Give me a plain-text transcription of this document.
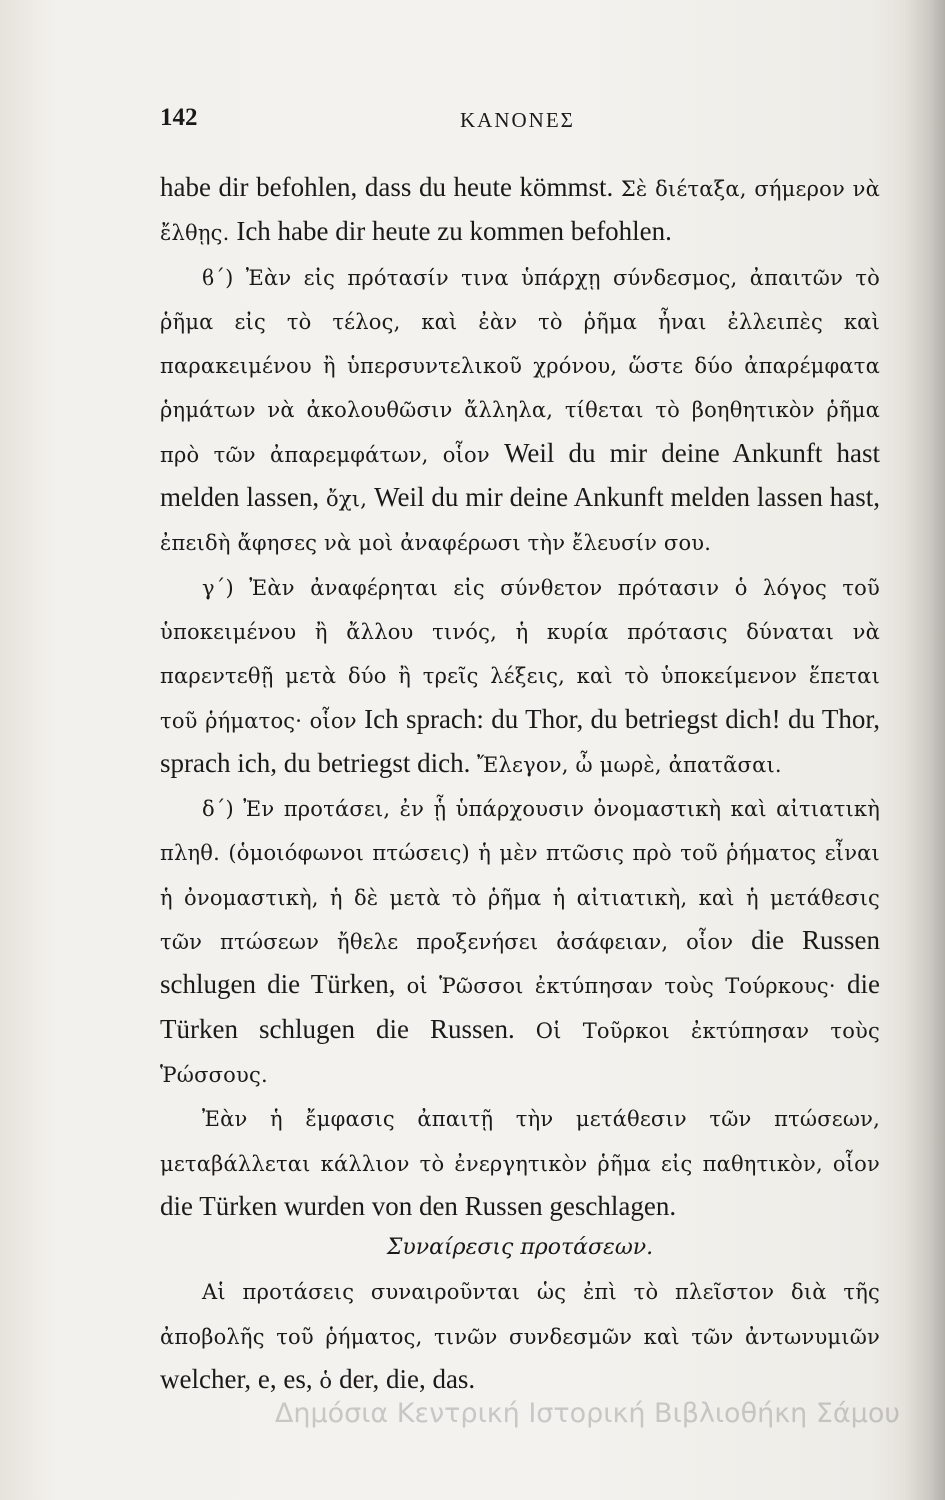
142	ΚΑΝΟΝΕΣ

habe dir befohlen, dass du heute kömmst. Σὲ διέταξα, σήμερον νὰ ἔλθῃς. Ich habe dir heute zu kommen befohlen.

ϐ΄) Ἐὰν εἰς πρότασίν τινα ὑπάρχῃ σύνδεσμος, ἀπαιτῶν τὸ ῥῆμα εἰς τὸ τέλος, καὶ ἐὰν τὸ ῥῆμα ἦναι ἐλλειπὲς καὶ παρακειμένου ἢ ὑπερσυντελικοῦ χρόνου, ὥστε δύο ἀπαρέμφατα ῥημάτων νὰ ἀκολουθῶσιν ἄλληλα, τίθεται τὸ βοηθητικὸν ῥῆμα πρὸ τῶν ἀπαρεμφάτων, οἷον Weil du mir deine Ankunft hast melden lassen, ὄχι, Weil du mir deine Ankunft melden lassen hast, ἐπειδὴ ἄφησες νὰ μοὶ ἀναφέρωσι τὴν ἔλευσίν σου.

γ΄) Ἐὰν ἀναφέρηται εἰς σύνθετον πρότασιν ὁ λόγος τοῦ ὑποκειμένου ἢ ἄλλου τινός, ἡ κυρία πρότασις δύναται νὰ παρεντεθῇ μετὰ δύο ἢ τρεῖς λέξεις, καὶ τὸ ὑποκείμενον ἕπεται τοῦ ῥήματος· οἷον Ich sprach: du Thor, du betriegst dich! du Thor, sprach ich, du betriegst dich. Ἔλεγον, ὦ μωρὲ, ἀπατᾶσαι.

δ΄) Ἐν προτάσει, ἐν ᾗ ὑπάρχουσιν ὀνομαστικὴ καὶ αἰτιατικὴ πληθ. (ὁμοιόφωνοι πτώσεις) ἡ μὲν πτῶσις πρὸ τοῦ ῥήματος εἶναι ἡ ὀνομαστικὴ, ἡ δὲ μετὰ τὸ ῥῆμα ἡ αἰτιατικὴ, καὶ ἡ μετάθεσις τῶν πτώσεων ἤθελε προξενήσει ἀσάφειαν, οἷον die Russen schlugen die Türken, οἱ Ῥῶσσοι ἐκτύπησαν τοὺς Τούρκους· die Türken schlugen die Russen. Οἱ Τοῦρκοι ἐκτύπησαν τοὺς Ῥώσσους.

Ἐὰν ἡ ἔμφασις ἀπαιτῇ τὴν μετάθεσιν τῶν πτώσεων, μεταβάλλεται κάλλιον τὸ ἐνεργητικὸν ῥῆμα εἰς παθητικὸν, οἷον die Türken wurden von den Russen geschlagen.

Συναίρεσις προτάσεων.

Αἱ προτάσεις συναιροῦνται ὡς ἐπὶ τὸ πλεῖστον διὰ τῆς ἀποβολῆς τοῦ ῥήματος, τινῶν συνδεσμῶν καὶ τῶν ἀντωνυμιῶν welcher, e, es, ὁ der, die, das.

Δημόσια Κεντρική Ιστορική Βιβλιοθήκη Σάμου
